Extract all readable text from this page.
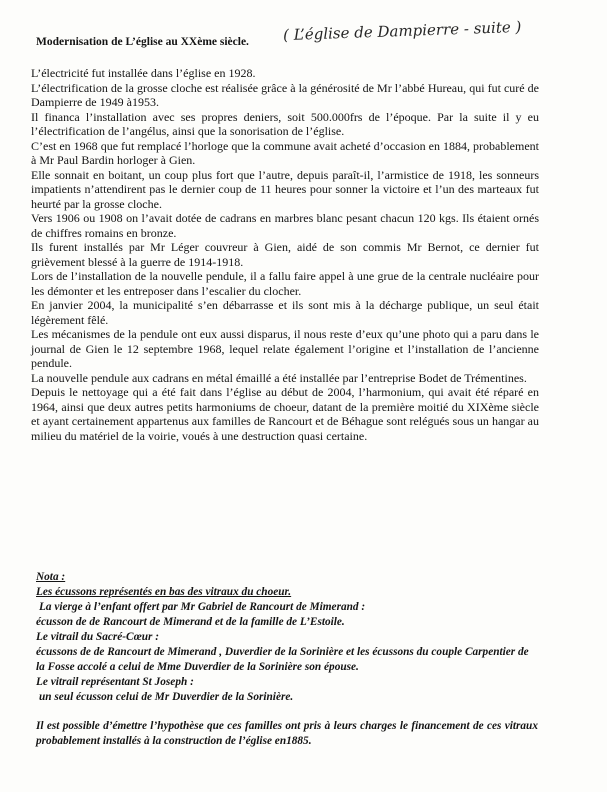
Modernisation de L’église au XXème siècle. ( L’église de Dampierre - suite )

L’électricité fut installée dans l’église en 1928.

L’électrification de la grosse cloche est réalisée grâce à la générosité de Mr l’abbé Hureau, qui fut curé de Dampierre de 1949 à1953.

Il financa l’installation avec ses propres deniers, soit 500.000frs de l’époque. Par la suite il y eu l’électrification de l’angélus, ainsi que la sonorisation de l’église.

C’est en 1968 que fut remplacé l’horloge que la commune avait acheté d’occasion en 1884, probablement à Mr Paul Bardin horloger à Gien.

Elle sonnait en boitant, un coup plus fort que l’autre, depuis paraît-il, l’armistice de 1918, les sonneurs impatients n’attendirent pas le dernier coup de 11 heures pour sonner la victoire et l’un des marteaux fut heurté par la grosse cloche.

Vers 1906 ou 1908 on l’avait dotée de cadrans en marbres blanc pesant chacun 120 kgs. Ils étaient ornés de chiffres romains en bronze.

Ils furent installés par Mr Léger couvreur à Gien, aidé de son commis Mr Bernot, ce dernier fut grièvement blessé à la guerre de 1914-1918.

Lors de l’installation de la nouvelle pendule, il a fallu faire appel à une grue de la centrale nucléaire pour les démonter et les entreposer dans l’escalier du clocher.

En janvier 2004, la municipalité s’en débarrasse et ils sont mis à la décharge publique, un seul était légèrement fêlé.

Les mécanismes de la pendule ont eux aussi disparus, il nous reste d’eux qu’une photo qui a paru dans le journal de Gien le 12 septembre 1968, lequel relate également l’origine et l’installation de l’ancienne pendule.

La nouvelle pendule aux cadrans en métal émaillé a été installée par l’entreprise Bodet de Trémentines.

Depuis le nettoyage qui a été fait dans l’église au début de 2004, l’harmonium, qui avait été réparé en 1964, ainsi que deux autres petits harmoniums de choeur, datant de la première moitié du XIXème siècle et ayant certainement appartenus aux familles de Rancourt et de Béhague sont relégués sous un hangar au milieu du matériel de la voirie, voués à une destruction quasi certaine.

Nota :

Les écussons représentés en bas des vitraux du choeur.

La vierge à l’enfant offert par Mr Gabriel de Rancourt de Mimerand :

écusson de de Rancourt de Mimerand et de la famille de L’Estoile.

Le vitrail du Sacré-Cœur :

écussons de de Rancourt de Mimerand , Duverdier de la Sorinière et les écussons du couple Carpentier de la Fosse accolé a celui de Mme Duverdier de la Sorinière son épouse.

Le vitrail représentant St Joseph :

un seul écusson celui de Mr Duverdier de la Sorinière.

Il est possible d’émettre l’hypothèse que ces familles ont pris à leurs charges le financement de ces vitraux probablement installés à la construction de l’église en1885.
